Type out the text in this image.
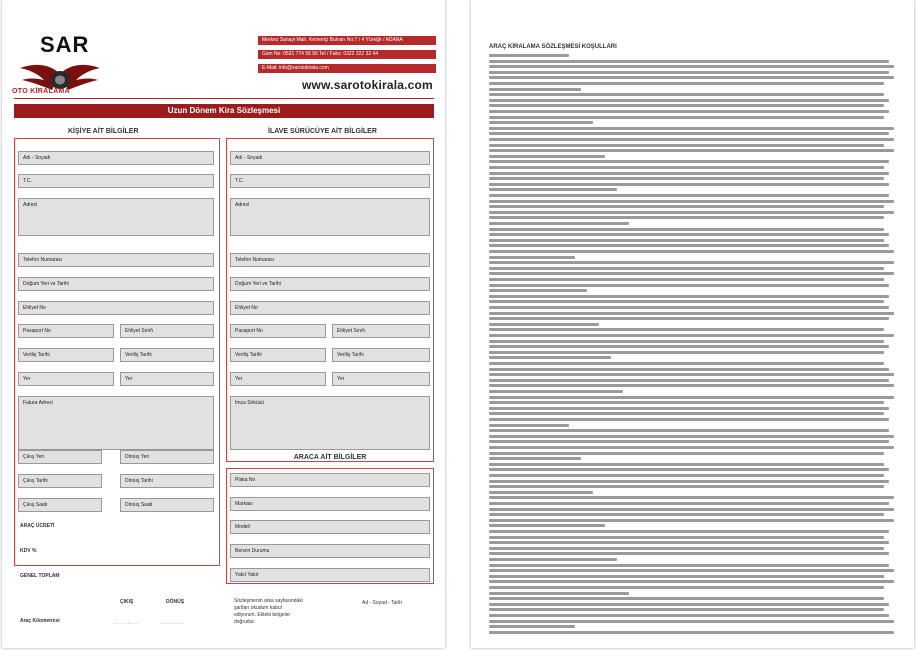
SAR
OTO KİRALAMA
Merkez Sanayi Mah. Kemeriçi Bulvarı No:7 / 4 Yüreğir / ADANA
Gsm No: 0531 774 56 56 Tel / Faks: 0322 322 32 44
E-Mail: info@sarotokirala.com
www.sarotokirala.com
Uzun Dönem Kira Sözleşmesi
KİŞİYE AİT BİLGİLER	İLAVE SÜRÜCÜYE AİT BİLGİLER
Adı - Soyadı
T.C.
Adresi
Telefon Numarası
Doğum Yeri ve Tarihi
Ehliyet No
Pasaport No	Ehliyet Sınıfı
Veriliş Tarihi	Veriliş Tarihi
Yer	Yer
Fatura Adresi
Çıkış Yeri	Dönüş Yeri
Çıkış Tarihi	Dönüş Tarihi
Çıkış Saati	Dönüş Saati
ARAÇ ÜCRETİ
KDV %
GENEL TOPLAM
Adı - Soyadı
T.C.
Adresi
Telefon Numarası
Doğum Yeri ve Tarihi
Ehliyet No
Pasaport No	Ehliyet Sınıfı
Veriliş Tarihi	Veriliş Tarihi
Yer	Yer
İmza Sirküsü
ARACA AİT BİLGİLER
Plaka No
Markası
Modeli
Benzin Durumu
Yakıt Yakıt
ÇIKIŞ	DÖNÜŞ
Araç Kilometresi	. . . . . . . . .	. . . . . . . . .
Sözleşmenin arka sayfasındaki şartları okudum kabul ediyorum. Ekteki belgeler doğrudur.
Ad - Soyad - Tarih
ARAÇ KİRALAMA SÖZLEŞMESİ KOŞULLARI
